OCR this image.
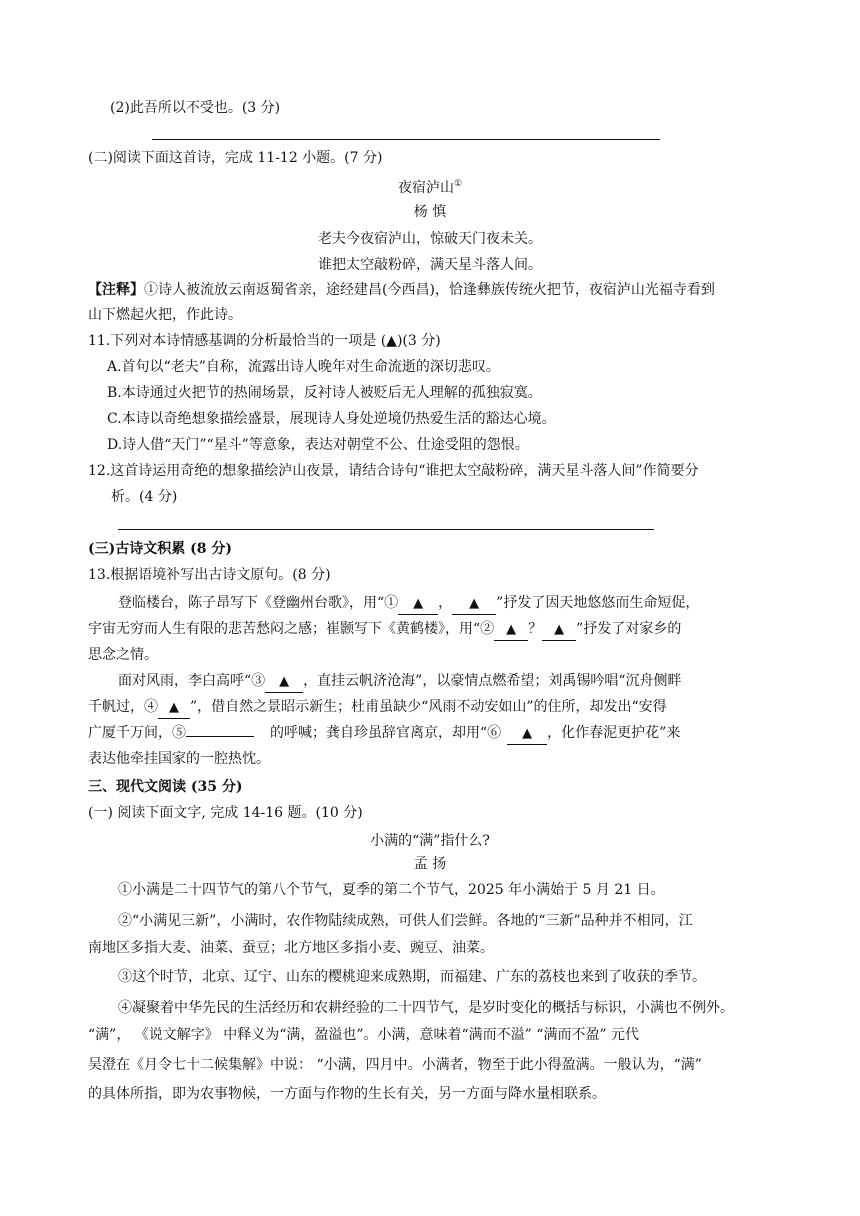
(2)此吾所以不受也。(3 分)
(二)阅读下面这首诗，完成 11-12 小题。(7 分)
夜宿泸山①
杨 慎
老夫今夜宿泸山，惊破天门夜未关。
谁把太空敲粉碎，满天星斗落人间。
【注释】①诗人被流放云南返蜀省亲，途经建昌(今西昌)，恰逢彝族传统火把节，夜宿泸山光福寺看到
山下燃起火把，作此诗。
11.下列对本诗情感基调的分析最恰当的一项是 (▲)(3 分)
A.首句以“老夫”自称，流露出诗人晚年对生命流逝的深切悲叹。
B.本诗通过火把节的热闹场景，反衬诗人被贬后无人理解的孤独寂寞。
C.本诗以奇绝想象描绘盛景，展现诗人身处逆境仍热爱生活的豁达心境。
D.诗人借“天门”“星斗”等意象，表达对朝堂不公、仕途受阻的怨恨。
12.这首诗运用奇绝的想象描绘泸山夜景，请结合诗句“谁把太空敲粉碎，满天星斗落人间”作简要分
析。(4 分)
(三)古诗文积累 (8 分)
13.根据语境补写出古诗文原句。(8 分)
登临楼台，陈子昂写下《登幽州台歌》，用“① ▲ ， ▲ ”抒发了因天地悠悠而生命短促，
宇宙无穷而人生有限的悲苦愁闷之感；崔颢写下《黄鹤楼》，用“② ▲ ？ ▲ ”抒发了对家乡的
思念之情。
面对风雨，李白高呼“③ ▲ ，直挂云帆济沧海”，以豪情点燃希望；刘禹锡吟唱“沉舟侧畔
千帆过，④ ▲ ”，借自然之景昭示新生；杜甫虽缺少“风雨不动安如山”的住所，却发出“安得
广厦千万间，⑤	的呼喊；龚自珍虽辞官离京，却用“⑥ ▲ ，化作春泥更护花”来
表达他牵挂国家的一腔热忱。
三、现代文阅读 (35 分)
(一) 阅读下面文字, 完成 14-16 题。(10 分)
小满的“满”指什么?
孟 扬
①小满是二十四节气的第八个节气，夏季的第二个节气，2025 年小满始于 5 月 21 日。
②“小满见三新”，小满时，农作物陆续成熟，可供人们尝鲜。各地的“三新”品种并不相同，江
南地区多指大麦、油菜、蚕豆；北方地区多指小麦、豌豆、油菜。
③这个时节，北京、辽宁、山东的樱桃迎来成熟期，而福建、广东的荔枝也来到了收获的季节。
④凝聚着中华先民的生活经历和农耕经验的二十四节气，是岁时变化的概括与标识，小满也不例外。
“满”， 《说文解字》 中释义为“满，盈溢也”。小满，意味着“满而不溢” “满而不盈” 元代
吴澄在《月令七十二候集解》中说： “小满，四月中。小满者，物至于此小得盈满。一般认为，“满”
的具体所指，即为农事物候，一方面与作物的生长有关，另一方面与降水量相联系。
